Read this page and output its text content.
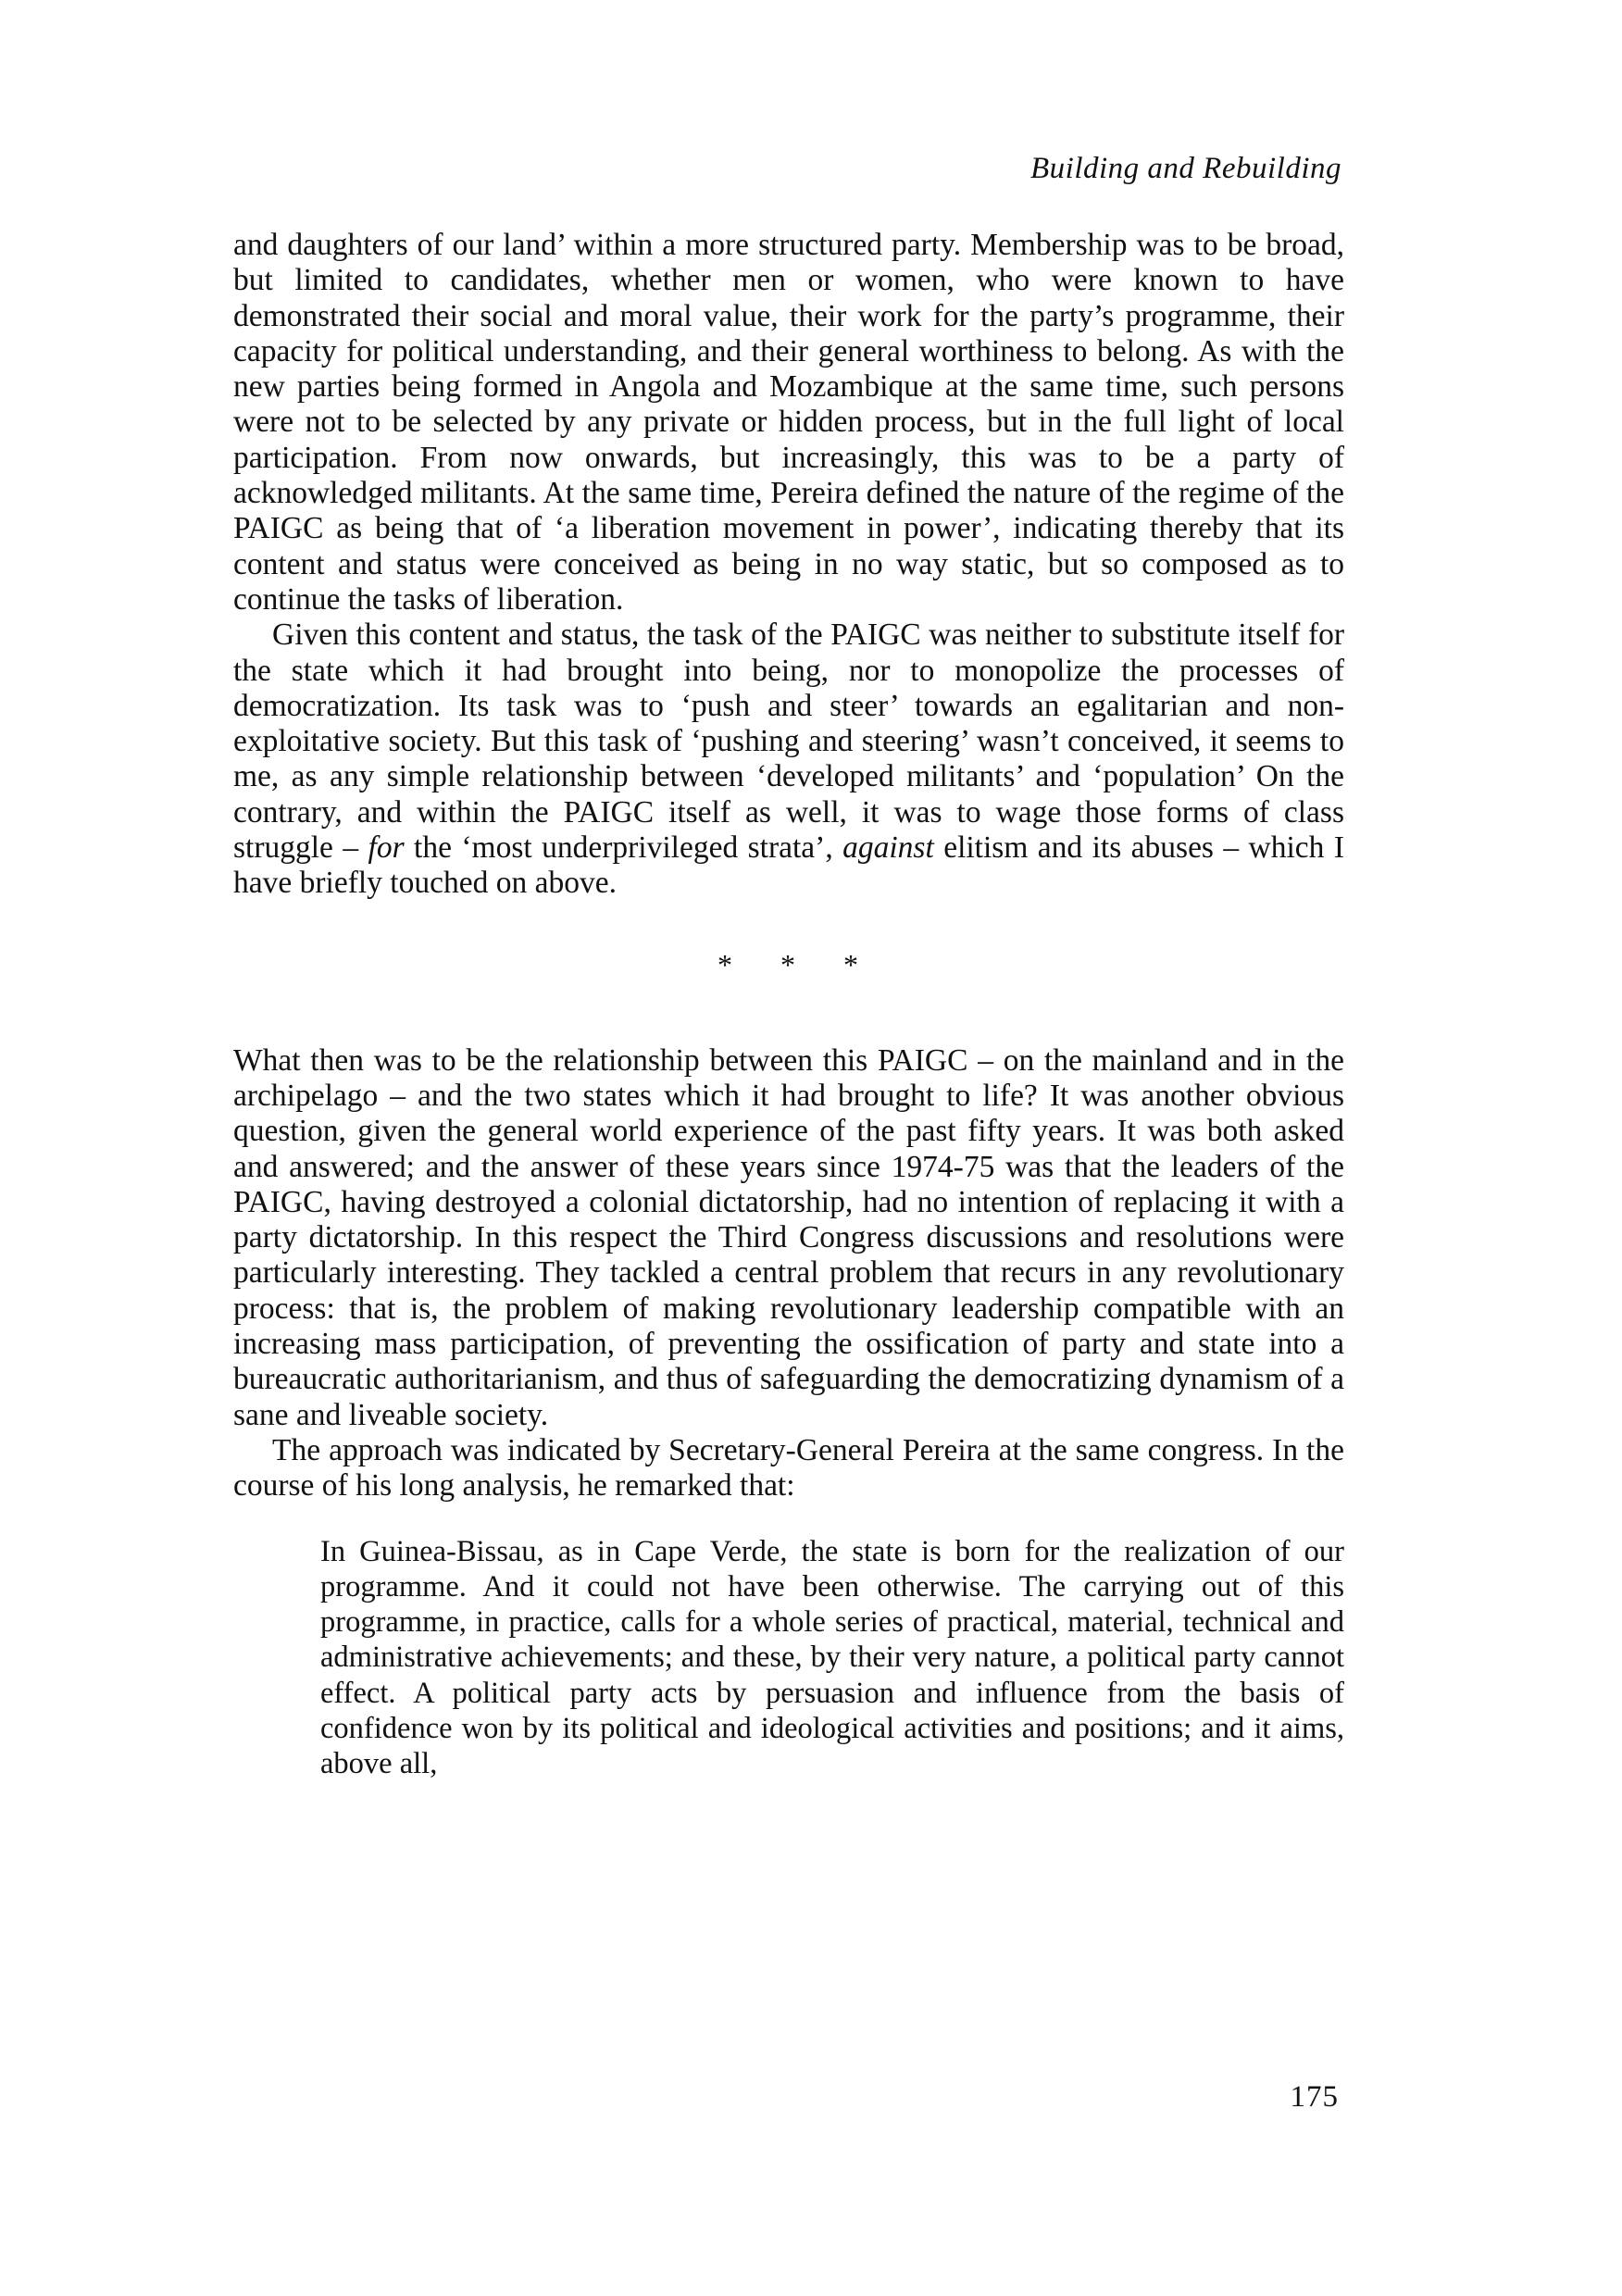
Building and Rebuilding

and daughters of our land’ within a more structured party. Membership was to be broad, but limited to candidates, whether men or women, who were known to have demonstrated their social and moral value, their work for the party’s programme, their capacity for political understanding, and their general worthiness to belong. As with the new parties being formed in Angola and Mozambique at the same time, such persons were not to be selected by any private or hidden process, but in the full light of local participation. From now onwards, but increasingly, this was to be a party of acknowledged militants. At the same time, Pereira defined the nature of the regime of the PAIGC as being that of ‘a liberation movement in power’, indicating thereby that its content and status were conceived as being in no way static, but so composed as to continue the tasks of liberation.

Given this content and status, the task of the PAIGC was neither to substitute itself for the state which it had brought into being, nor to monopolize the processes of democratization. Its task was to ‘push and steer’ towards an egalitarian and non-exploitative society. But this task of ‘pushing and steering’ wasn’t conceived, it seems to me, as any simple relationship between ‘developed militants’ and ‘population’ On the contrary, and within the PAIGC itself as well, it was to wage those forms of class struggle – for the ‘most underprivileged strata’, against elitism and its abuses – which I have briefly touched on above.

* * *

What then was to be the relationship between this PAIGC – on the mainland and in the archipelago – and the two states which it had brought to life? It was another obvious question, given the general world experience of the past fifty years. It was both asked and answered; and the answer of these years since 1974-75 was that the leaders of the PAIGC, having destroyed a colonial dictatorship, had no intention of replacing it with a party dictatorship. In this respect the Third Congress discussions and resolutions were particularly interesting. They tackled a central problem that recurs in any revolutionary process: that is, the problem of making revolutionary leadership compatible with an increasing mass participation, of preventing the ossification of party and state into a bureaucratic authoritarianism, and thus of safeguarding the democratizing dynamism of a sane and liveable society.

The approach was indicated by Secretary-General Pereira at the same congress. In the course of his long analysis, he remarked that:

In Guinea-Bissau, as in Cape Verde, the state is born for the realization of our programme. And it could not have been otherwise. The carrying out of this programme, in practice, calls for a whole series of practical, material, technical and administrative achievements; and these, by their very nature, a political party cannot effect. A political party acts by persuasion and influence from the basis of confidence won by its political and ideological activities and positions; and it aims, above all,

175
